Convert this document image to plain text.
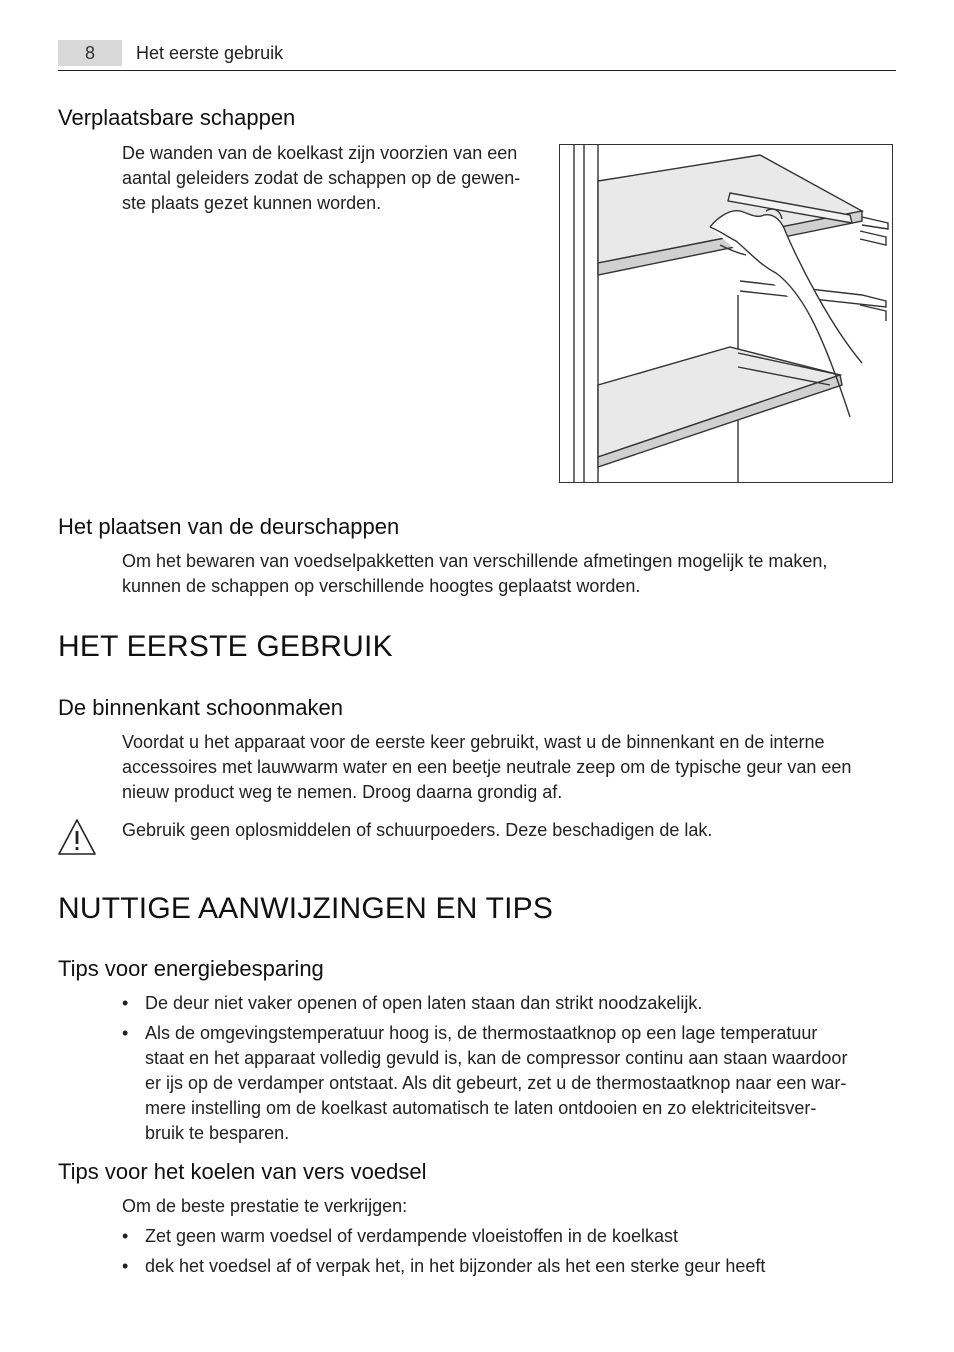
8	Het eerste gebruik
Verplaatsbare schappen
De wanden van de koelkast zijn voorzien van een
aantal geleiders zodat de schappen op de gewen-
ste plaats gezet kunnen worden.
Het plaatsen van de deurschappen
Om het bewaren van voedselpakketten van verschillende afmetingen mogelijk te maken,
kunnen de schappen op verschillende hoogtes geplaatst worden.
HET EERSTE GEBRUIK
De binnenkant schoonmaken
Voordat u het apparaat voor de eerste keer gebruikt, wast u de binnenkant en de interne
accessoires met lauwwarm water en een beetje neutrale zeep om de typische geur van een
nieuw product weg te nemen. Droog daarna grondig af.
Gebruik geen oplosmiddelen of schuurpoeders. Deze beschadigen de lak.
NUTTIGE AANWIJZINGEN EN TIPS
Tips voor energiebesparing
• De deur niet vaker openen of open laten staan dan strikt noodzakelijk.
• Als de omgevingstemperatuur hoog is, de thermostaatknop op een lage temperatuur
staat en het apparaat volledig gevuld is, kan de compressor continu aan staan waardoor
er ijs op de verdamper ontstaat. Als dit gebeurt, zet u de thermostaatknop naar een war-
mere instelling om de koelkast automatisch te laten ontdooien en zo elektriciteitsver-
bruik te besparen.
Tips voor het koelen van vers voedsel
Om de beste prestatie te verkrijgen:
• Zet geen warm voedsel of verdampende vloeistoffen in de koelkast
• dek het voedsel af of verpak het, in het bijzonder als het een sterke geur heeft
